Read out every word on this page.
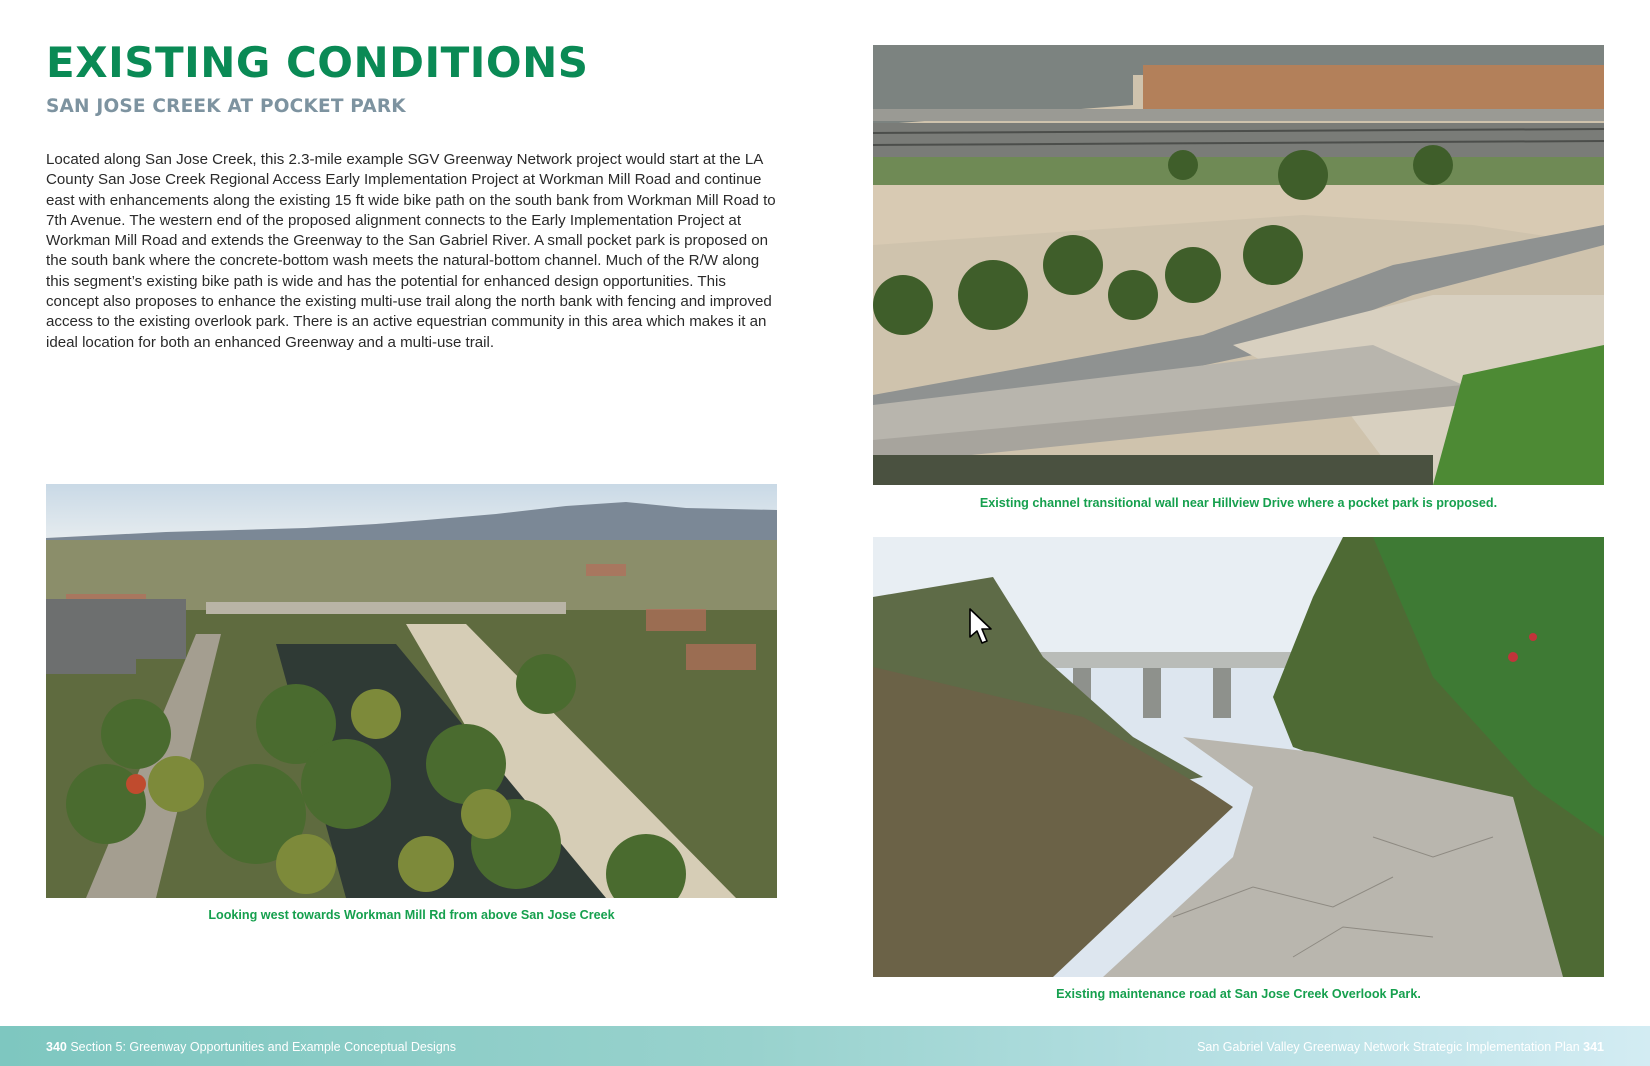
EXISTING CONDITIONS
SAN JOSE CREEK AT POCKET PARK

Located along San Jose Creek, this 2.3-mile example SGV Greenway Network project would start at the LA County San Jose Creek Regional Access Early Implementation Project at Workman Mill Road and continue east with enhancements along the existing 15 ft wide bike path on the south bank from Workman Mill Road to 7th Avenue. The western end of the proposed alignment connects to the Early Implementation Project at Workman Mill Road and extends the Greenway to the San Gabriel River. A small pocket park is proposed on the south bank where the concrete-bottom wash meets the natural-bottom channel. Much of the R/W along this segment’s existing bike path is wide and has the potential for enhanced design opportunities. This concept also proposes to enhance the existing multi-use trail along the north bank with fencing and improved access to the existing overlook park. There is an active equestrian community in this area which makes it an ideal location for both an enhanced Greenway and a multi-use trail.

Looking west towards Workman Mill Rd from above San Jose Creek
Existing channel transitional wall near Hillview Drive where a pocket park is proposed.
Existing maintenance road at San Jose Creek Overlook Park.
340 Section 5: Greenway Opportunities and Example Conceptual Designs	San Gabriel Valley Greenway Network Strategic Implementation Plan 341
